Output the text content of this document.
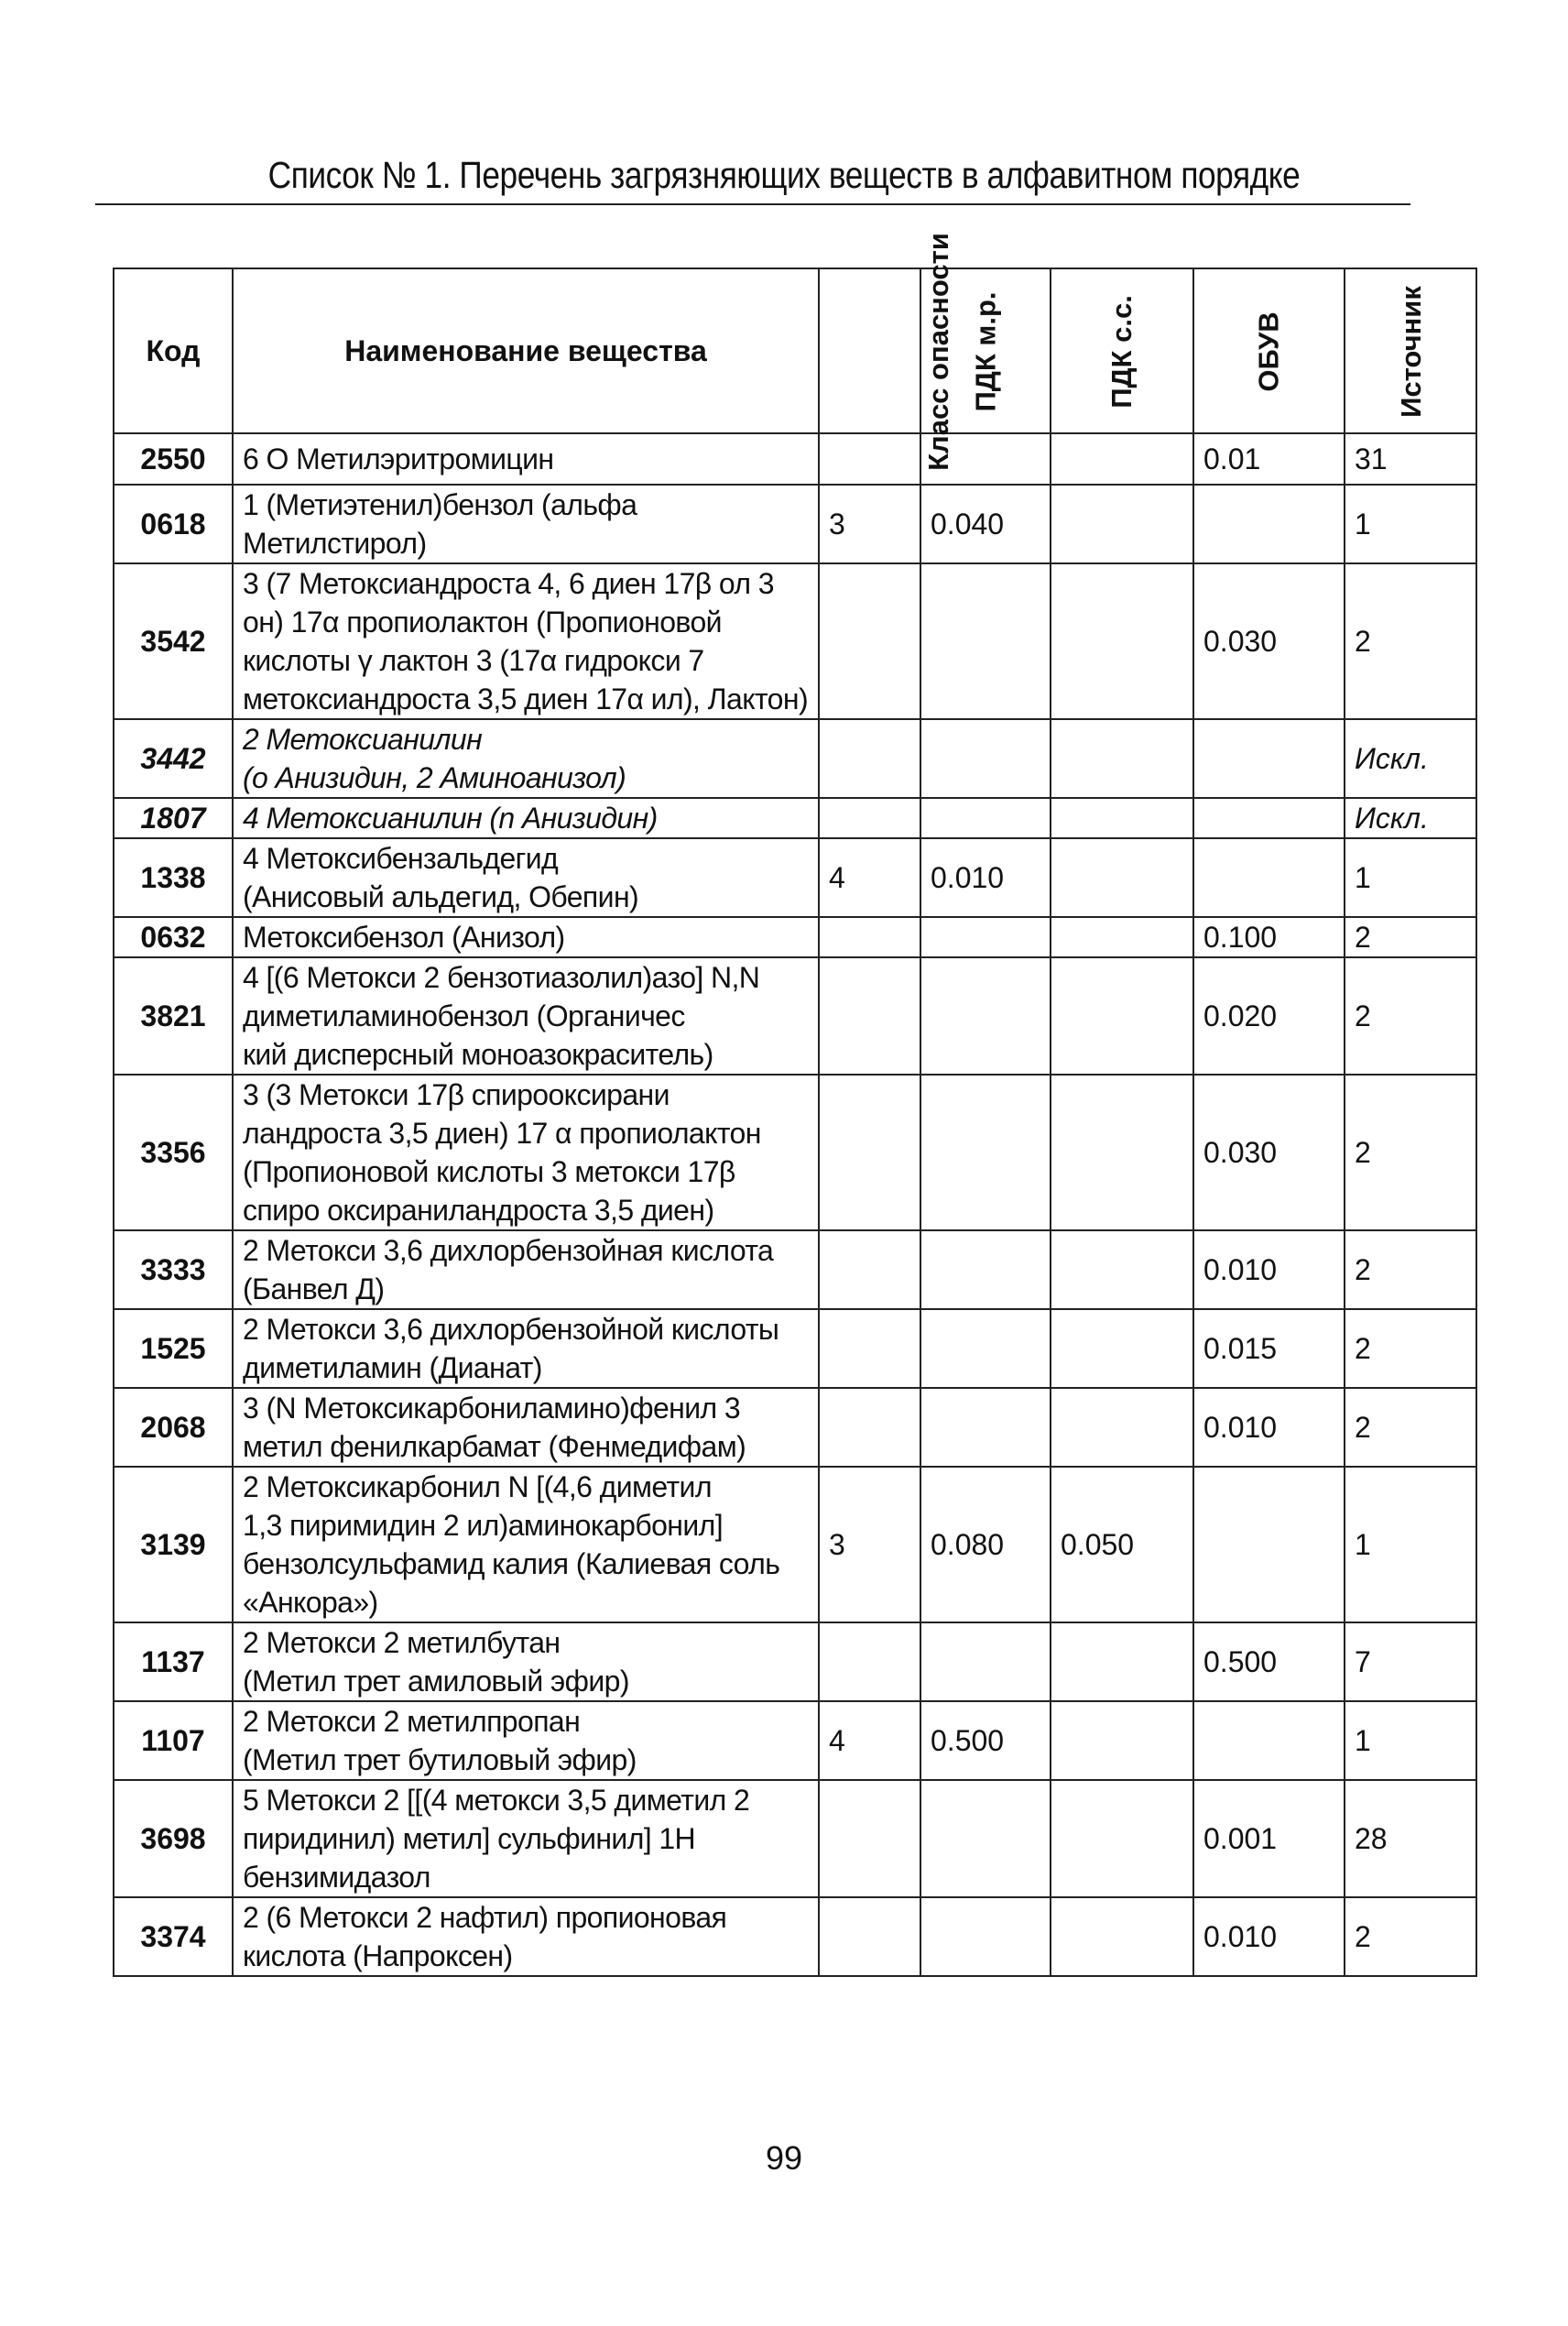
Список № 1. Перечень загрязняющих веществ в алфавитном порядке
Код	Наименование вещества	Класс опасности	ПДК м.р.	ПДК с.с.	ОБУВ	Источник
2550	6 О Метилэритромицин				0.01	31
0618	1 (Метиэтенил)бензол (альфа
Метилстирол)	3	0.040			1
3542	3 (7 Метоксиандроста 4, 6 диен 17β ол 3
он) 17α пропиолактон (Пропионовой
кислоты γ лактон 3 (17α гидрокси 7
метоксиандроста 3,5 диен 17α ил), Лактон)				0.030	2
3442	2 Метоксианилин
(о Анизидин, 2 Аминоанизол)					Искл.
1807	4 Метоксианилин (n Анизидин)					Искл.
1338	4 Метоксибензальдегид
(Анисовый альдегид, Обепин)	4	0.010			1
0632	Метоксибензол (Анизол)				0.100	2
3821	4 [(6 Метокси 2 бензотиазолил)азо] N,N
диметиламинобензол (Органичес
кий дисперсный моноазокраситель)				0.020	2
3356	3 (3 Метокси 17β спирооксирани
ландроста 3,5 диен) 17 α пропиолактон
(Пропионовой кислоты 3 метокси 17β
спиро оксираниландроста 3,5 диен)				0.030	2
3333	2 Метокси 3,6 дихлорбензойная кислота
(Банвел Д)				0.010	2
1525	2 Метокси 3,6 дихлорбензойной кислоты
диметиламин (Дианат)				0.015	2
2068	3 (N Метоксикарбониламино)фенил 3
метил фенилкарбамат (Фенмедифам)				0.010	2
3139	2 Метоксикарбонил N [(4,6 диметил
1,3 пиримидин 2 ил)аминокарбонил]
бензолсульфамид калия (Калиевая соль
«Анкора»)	3	0.080	0.050		1
1137	2 Метокси 2 метилбутан
(Метил трет амиловый эфир)				0.500	7
1107	2 Метокси 2 метилпропан
(Метил трет бутиловый эфир)	4	0.500			1
3698	5 Метокси 2 [[(4 метокси 3,5 диметил 2
пиридинил) метил] сульфинил] 1Н
бензимидазол				0.001	28
3374	2 (6 Метокси 2 нафтил) пропионовая
кислота (Напроксен)				0.010	2
99
